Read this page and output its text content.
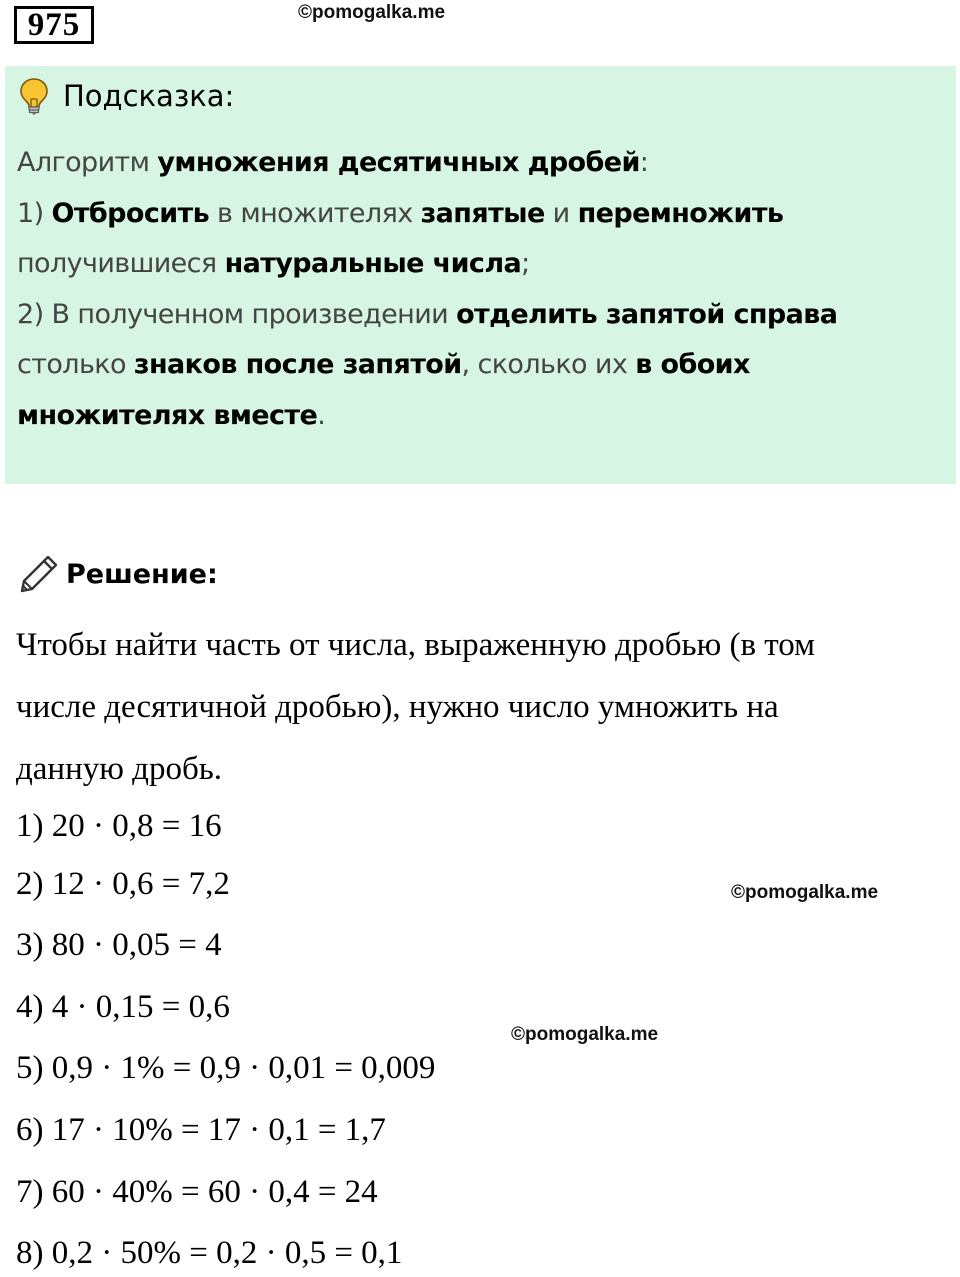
975	©pomogalka.me
Подсказка:
Алгоритм умножения десятичных дробей:
1) Отбросить в множителях запятые и перемножить
получившиеся натуральные числа;
2) В полученном произведении отделить запятой справа
столько знаков после запятой, сколько их в обоих
множителях вместе.
Решение:
Чтобы найти часть от числа, выраженную дробью (в том
числе десятичной дробью), нужно число умножить на
данную дробь.
1) 20 · 0,8 = 16
2) 12 · 0,6 = 7,2
3) 80 · 0,05 = 4
4) 4 · 0,15 = 0,6
5) 0,9 · 1% = 0,9 · 0,01 = 0,009
6) 17 · 10% = 17 · 0,1 = 1,7
7) 60 · 40% = 60 · 0,4 = 24
8) 0,2 · 50% = 0,2 · 0,5 = 0,1
©pomogalka.me
©pomogalka.me
